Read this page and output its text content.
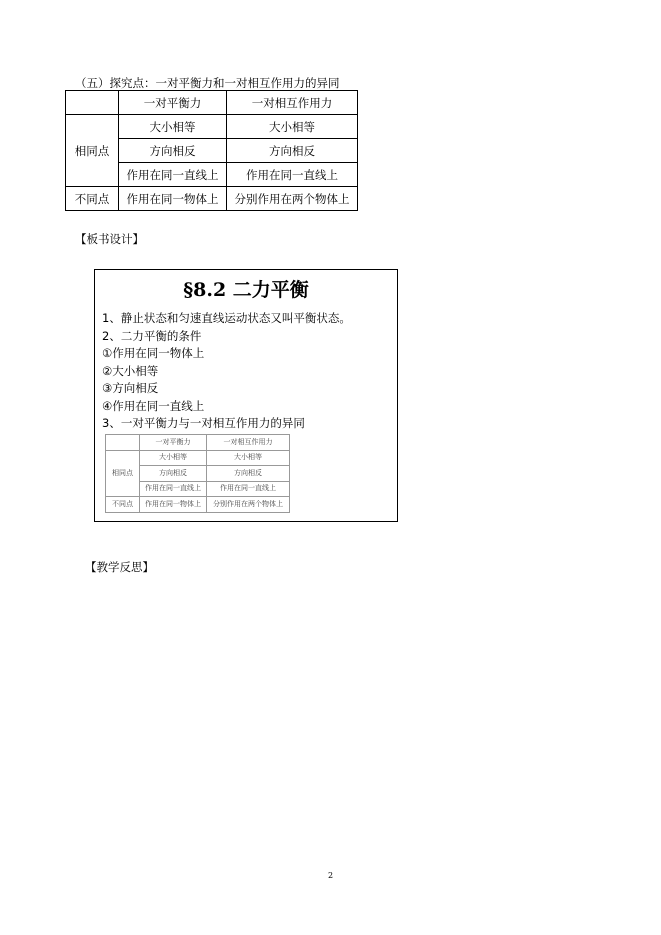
（五）探究点：一对平衡力和一对相互作用力的异同
	一对平衡力	一对相互作用力
相同点	大小相等	大小相等
	方向相反	方向相反
	作用在同一直线上	作用在同一直线上
不同点	作用在同一物体上	分别作用在两个物体上
【板书设计】
§8.2 二力平衡
1、静止状态和匀速直线运动状态又叫平衡状态。
2、二力平衡的条件
①作用在同一物体上
②大小相等
③方向相反
④作用在同一直线上
3、一对平衡力与一对相互作用力的异同
	一对平衡力	一对相互作用力
相同点	大小相等	大小相等
	方向相反	方向相反
	作用在同一直线上	作用在同一直线上
不同点	作用在同一物体上	分别作用在两个物体上
【教学反思】
2
